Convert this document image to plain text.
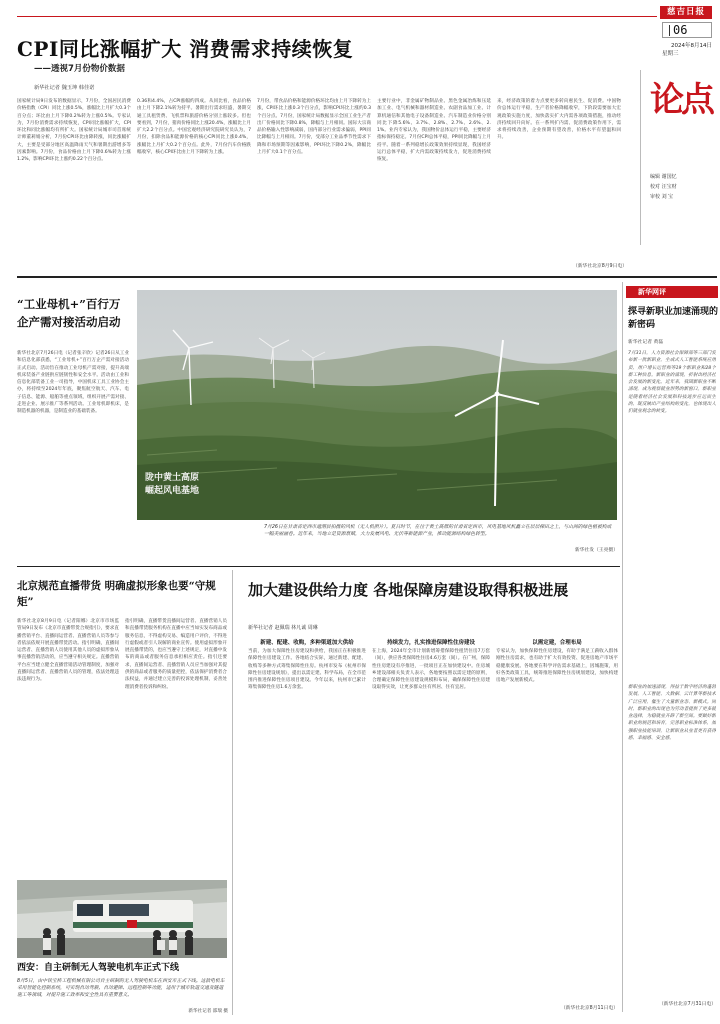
慈吉日报
06
2024年8月14日
星期三
论点
编辑 谢国忆
校对 汪宝财
审校 刘 宝
CPI同比涨幅扩大 消费需求持续恢复
——透视7月份物价数据
新华社记者 魏玉坤 韩佳诺
国家统计局9日发布的数据显示，7月份，全国居民消费价格指数（CPI）同比上涨0.5%，涨幅比上月扩大0.3个百分点；环比由上月下降0.2%转为上涨0.5%。专家认为，7月份消费需求持续恢复，CPI同比涨幅扩大，CPI环比和同比涨幅均有所扩大。国家统计局城市司首席统计师董莉娟分析，7月份CPI环比由降转涨，同比涨幅扩大，主要是受部分地区高温降雨天气和暑期出游增多等因素影响。7月份，食品价格由上月下降0.6%转为上涨1.2%，影响CPI环比上涨约0.22个百分点。
0.36和4.4%，占CPI涨幅约四成。从同比看，食品价格由上月下降2.1%转为持平。暑期出行需求旺盛，暑期交通工具租赁费、飞机票和旅游价格分别上涨较多。但也要看到，7月份，猪肉价格同比上涨20.4%，涨幅比上月扩大2.2个百分点。中国宏观经济研究院研究员认为，7月份，扣除食品和能源价格的核心CPI同比上涨0.4%，涨幅比上月扩大0.2个百分点。此外，7月份汽车价格跌幅收窄，核心CPI环比由上月下降转为上涨。
7月份，带食品价格和能源价格环比均由上月下降转为上涨，CPI环比上涨0.3个百分点，影响CPI环比上涨约0.3个百分点。7月份，国家统计局数据显示全国工业生产者出厂价格同比下降0.8%，降幅与上月相同。国际大宗商品价格输入性影响减弱，国内部分行业需求偏弱，PPI同比降幅与上月相同。7月份，受部分工业品季节性需求下降和市场预期等因素影响，PPI环比下降0.2%，降幅比上月扩大0.1个百分点。
主要行业中，非金属矿物制品业、黑色金属冶炼和压延加工业、电气机械和器材制造业、农副食品加工业、计算机通信和其他电子设备制造业、汽车制造业价格分别同比下降5.6%、3.7%、2.8%、2.7%、2.6%、2.1%。业内专家认为，我国物价总体运行平稳，主要经济指标保持稳定。7月份CPI总体平稳，PPI同比降幅与上月持平。随着一系列稳增长政策效果持续显现，我国经济运行总体平稳，扩大内需政策持续发力，促进消费持续恢复。
来，经济政策的着力点要更多转向惠民生、促消费。中国物价总体运行平稳，生产者价格降幅收窄，下阶段需要加大宏观政策实施力度，加快落实扩大内需各项政策措施，推动经济持续回升向好。在一系列扩内需、促消费政策作用下，需求将持续改善，企业预期有望改善，价格水平有望温和回升。
（新华社北京8月9日电）
“工业母机+”百行万企产需对接活动启动
新华社北京7月26日电（记者张辛欣）记者26日从工业和信息化部获悉，“工业母机+”百行万企产需对接活动正式启动。活动旨在推动工业母机产需对接，提升高端机床装备产业链供应链韧性和安全水平。活动由工业和信息化部装备工业一司指导，中国机床工具工业协会主办，将持续至2024年年底，聚焦航空航天、汽车、电子信息、能源、船舶等重点领域，组织开展产需对接、走进企业、展示推广等系列活动。工业母机即机床，是制造机器的机器，是制造业的基础装备。
陇中黄土高原
崛起风电基地
7月26日在甘肃省定西市通渭县拍摄的风机（无人机照片）。夏日时节，在位于黄土高原的甘肃省定西市，风电基地风机矗立在层层梯田之上，与山间的绿色植被构成一幅美丽画卷。近年来，当地立足资源禀赋，大力发展风电、光伏等新能源产业，推动能源结构绿色转型。
新华社发（王亮摄）
新华网评
探寻新职业加速涌现的新密码
新华社记者 黄磊
7月31日，人力资源社会保障部等三部门发布新一批新职业，生成式人工智能系统应用员、用户增长运营师等19个新职业和28个新工种信息。新职业的涌现，折射出经济社会发展的新变化。近年来，我国新职业不断涌现，成为观察就业形势的新窗口。新职业是随着经济社会发展和科技进步应运而生的，既反映出产业结构的变化，也体现出人们就业观念的转变。
新职业的加速涌现，得益于数字经济的蓬勃发展。人工智能、大数据、云计算等新技术广泛应用，催生了大量新业态、新模式。同时，新职业的出现也为劳动者提供了更多就业选择，为稳就业开辟了新空间。要做好新职业的规范和培育，完善职业标准体系，加强职业技能培训，让新职业从业者更有获得感、幸福感、安全感。
（新华社北京7月31日电）
北京规范直播带货 明确虚拟形象也要“守规矩”
新华社北京8月9日电（记者阳娜）北京市市场监管局9日发布《北京市直播带货合规指引》，要求直播营销平台、直播间运营者、直播营销人员等参与者依法依规开展直播带货活动。指引明确，直播间运营者、直播营销人员使用其他人员的虚拟形象从事直播营销活动的，应当遵守相关规定。直播营销平台应当建立健全直播营销活动管理制度，加强对直播间运营者、直播营销人员的管理，依法处理违法违规行为。
指引明确，直播带货直播间运营者、直播营销人员和直播带货服务机构在直播中应当如实发布商品或服务信息，不得虚构交易、编造用户评价，不得进行虚假或者引人误解的商业宣传。使用虚拟形象开展直播带货的，也应当遵守上述规定，对直播中发布的商品或者服务信息承担相应责任。指引还要求，直播间运营者、直播营销人员应当加强对其提供的商品或者服务的质量把控，依法保护消费者合法权益，并通过建立完善的投诉处理机制，妥善处理消费者投诉和纠纷。
西安：自主研制无人驾驶电机车正式下线
8月5日，由中铁宝桥工程机械有限公司自主研制的无人驾驶电机车在西安市正式下线。这款电机车采用智能化控制系统，可实现自动驾驶、自动避障、远程控制等功能，适用于城市轨道交通及隧道施工等领域，对提升施工效率和安全性具有重要意义。
新华社记者 邵瑞 摄
加大建设供给力度 各地保障房建设取得积极进展
新华社记者 赵佩瑞 林凡诚 周琳
新建、配建、收购，多种渠道加大供给
当前，为加大保障性住房建设和供给，我国正在积极推进保障性住房建设工作。各地结合实际，通过新建、配建、收购等多种方式筹集保障性住房。杭州市发布《杭州市保障性住房建设规划》，提出以需定建、科学布局，在全市范围内推进保障性住房项目建设。今年以来，杭州市已累计筹集保障性住房1.6万余套。
持续发力，扎实推进保障性住房建设
在上海，2024年全市计划新增筹措保障性租赁住房7万套（间），供应各类保障性住房4.6万套（间）。在广州，保障性住房建设有序推进，一批项目正在加快建设中。住房城乡建设部相关负责人表示，各地要按照以需定建的原则，合理确定保障性住房建设规模和布局，确保保障性住房建设取得实效，让更多群众住有所居、住有宜居。
以需定建，合理布局
专家认为，加快保障性住房建设，有助于满足工薪收入群体刚性住房需求，也有助于扩大有效投资、促进房地产市场平稳健康发展。各地要在科学评估需求基础上，因城施策，用好各类政策工具，统筹推进保障性住房规划建设，加快构建房地产发展新模式。
（新华社北京8月11日电）
